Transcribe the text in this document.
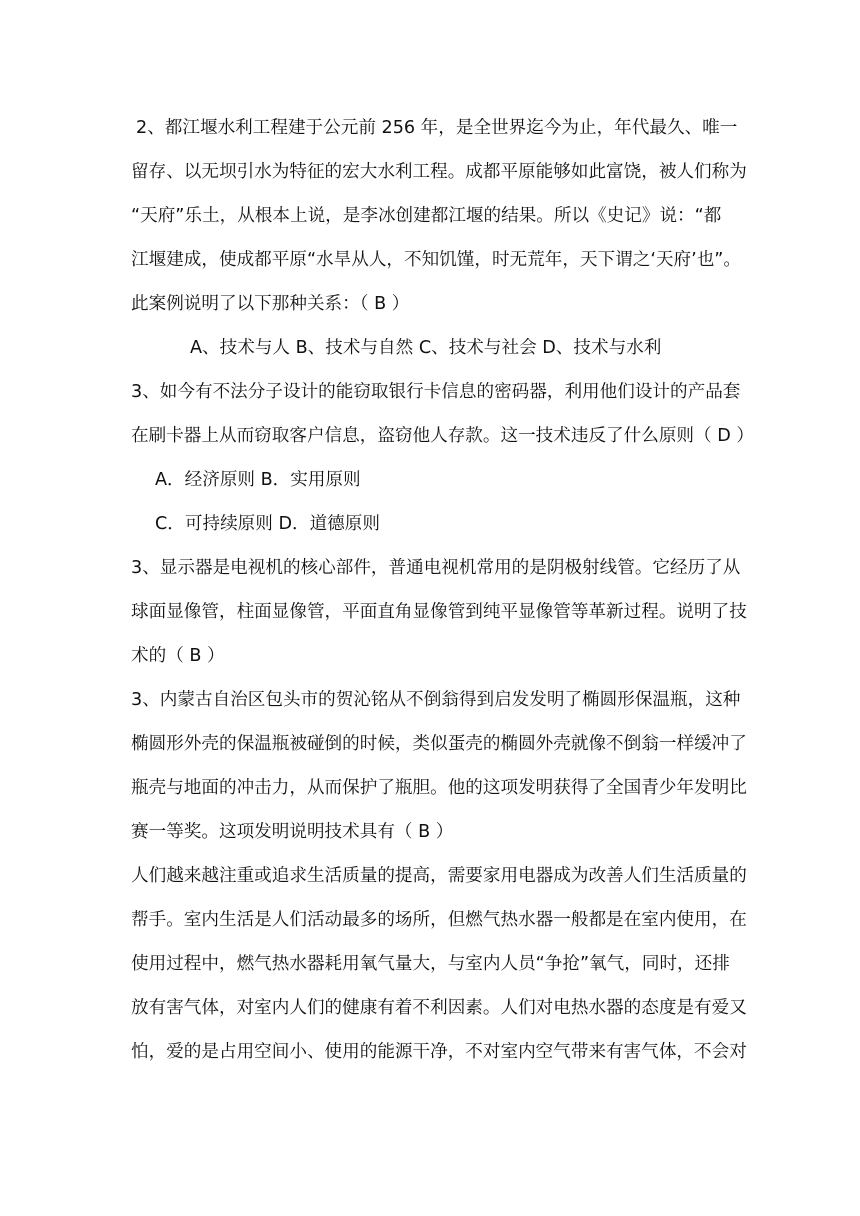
2、都江堰水利工程建于公元前 256 年，是全世界迄今为止，年代最久、唯一
留存、以无坝引水为特征的宏大水利工程。成都平原能够如此富饶，被人们称为
“天府”乐土，从根本上说，是李冰创建都江堰的结果。所以《史记》说：“都
江堰建成，使成都平原“水旱从人，不知饥馑，时无荒年，天下谓之‘天府’也”。
此案例说明了以下那种关系：（ B ）
A、技术与人 B、技术与自然 C、技术与社会 D、技术与水利
3、如今有不法分子设计的能窃取银行卡信息的密码器，利用他们设计的产品套
在刷卡器上从而窃取客户信息，盗窃他人存款。这一技术违反了什么原则（ D ）
A．经济原则 B．实用原则
C．可持续原则 D．道德原则
3、显示器是电视机的核心部件，普通电视机常用的是阴极射线管。它经历了从
球面显像管，柱面显像管，平面直角显像管到纯平显像管等革新过程。说明了技
术的（ B ）
3、内蒙古自治区包头市的贺沁铭从不倒翁得到启发发明了椭圆形保温瓶，这种
椭圆形外壳的保温瓶被碰倒的时候，类似蛋壳的椭圆外壳就像不倒翁一样缓冲了
瓶壳与地面的冲击力，从而保护了瓶胆。他的这项发明获得了全国青少年发明比
赛一等奖。这项发明说明技术具有（ B ）
人们越来越注重或追求生活质量的提高，需要家用电器成为改善人们生活质量的
帮手。室内生活是人们活动最多的场所，但燃气热水器一般都是在室内使用，在
使用过程中，燃气热水器耗用氧气量大，与室内人员“争抢”氧气，同时，还排
放有害气体，对室内人们的健康有着不利因素。人们对电热水器的态度是有爱又
怕，爱的是占用空间小、使用的能源干净，不对室内空气带来有害气体，不会对
